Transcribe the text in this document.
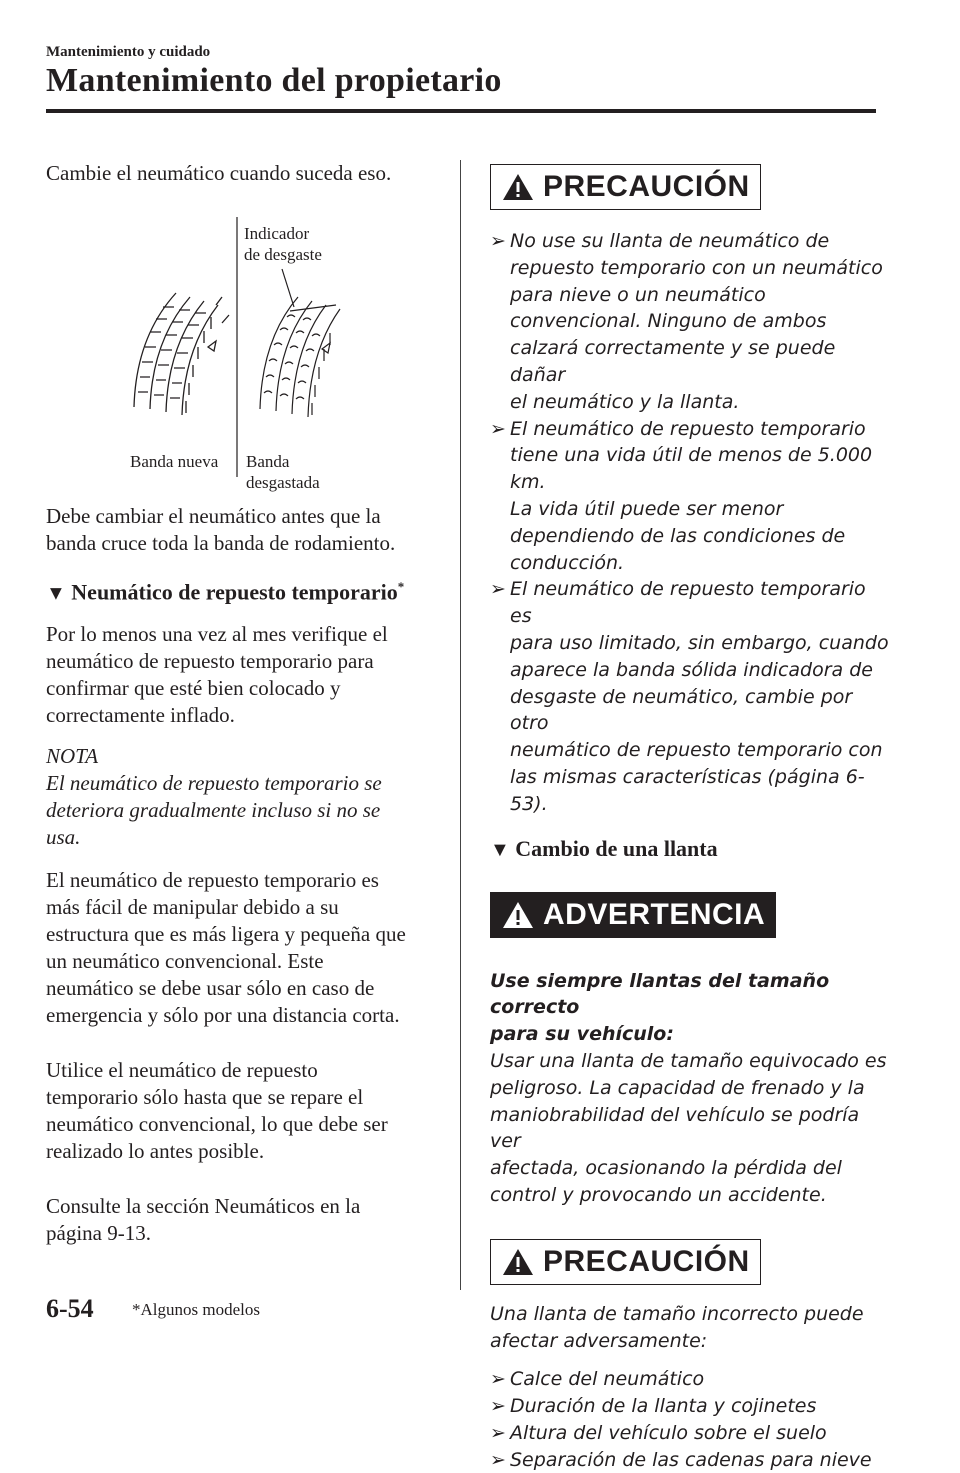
Mantenimiento y cuidado
Mantenimiento del propietario

Cambie el neumático cuando suceda eso.

Indicador
de desgaste
Banda nueva Banda
desgastada

Debe cambiar el neumático antes que la
banda cruce toda la banda de rodamiento.

▼ Neumático de repuesto temporario*

Por lo menos una vez al mes verifique el
neumático de repuesto temporario para
confirmar que esté bien colocado y
correctamente inflado.

NOTA

El neumático de repuesto temporario se
deteriora gradualmente incluso si no se
usa.

El neumático de repuesto temporario es
más fácil de manipular debido a su
estructura que es más ligera y pequeña que
un neumático convencional. Este
neumático se debe usar sólo en caso de
emergencia y sólo por una distancia corta.

Utilice el neumático de repuesto
temporario sólo hasta que se repare el
neumático convencional, lo que debe ser
realizado lo antes posible.

Consulte la sección Neumáticos en la
página 9-13.

PRECAUCIÓN
➢ No use su llanta de neumático de
repuesto temporario con un neumático
para nieve o un neumático
convencional. Ninguno de ambos
calzará correctamente y se puede dañar
el neumático y la llanta.
➢ El neumático de repuesto temporario
tiene una vida útil de menos de 5.000 km.
La vida útil puede ser menor
dependiendo de las condiciones de
conducción.
➢ El neumático de repuesto temporario es
para uso limitado, sin embargo, cuando
aparece la banda sólida indicadora de
desgaste de neumático, cambie por otro
neumático de repuesto temporario con
las mismas características (página 6-53).

▼ Cambio de una llanta

ADVERTENCIA

Use siempre llantas del tamaño correcto
para su vehículo:

Usar una llanta de tamaño equivocado es
peligroso. La capacidad de frenado y la
maniobrabilidad del vehículo se podría ver
afectada, ocasionando la pérdida del
control y provocando un accidente.

PRECAUCIÓN

Una llanta de tamaño incorrecto puede
afectar adversamente:

➢ Calce del neumático
➢ Duración de la llanta y cojinetes
➢ Altura del vehículo sobre el suelo
➢ Separación de las cadenas para nieve
6-54 *Algunos modelos
